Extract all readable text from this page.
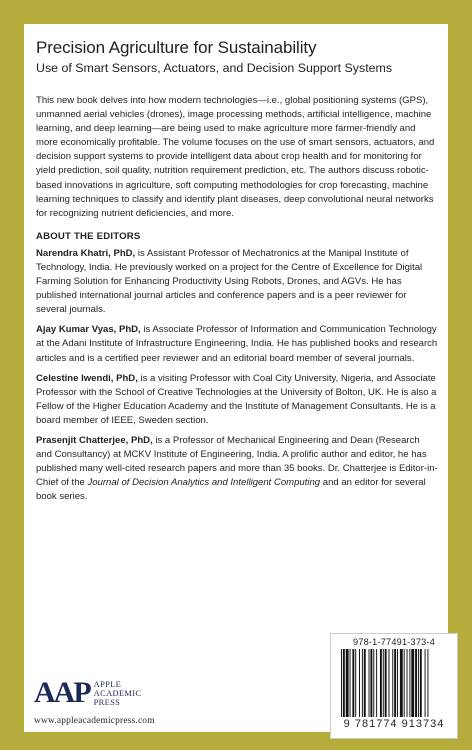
Precision Agriculture for Sustainability
Use of Smart Sensors, Actuators, and Decision Support Systems

This new book delves into how modern technologies—i.e., global positioning systems (GPS), unmanned aerial vehicles (drones), image processing methods, artificial intelligence, machine learning, and deep learning—are being used to make agriculture more farmer-friendly and more economically profitable. The volume focuses on the use of smart sensors, actuators, and decision support systems to provide intelligent data about crop health and for monitoring for yield prediction, soil quality, nutrition requirement prediction, etc. The authors discuss robotic-based innovations in agriculture, soft computing methodologies for crop forecasting, machine learning techniques to classify and identify plant diseases, deep convolutional neural networks for recognizing nutrient deficiencies, and more.

ABOUT THE EDITORS

Narendra Khatri, PhD, is Assistant Professor of Mechatronics at the Manipal Institute of Technology, India. He previously worked on a project for the Centre of Excellence for Digital Farming Solution for Enhancing Productivity Using Robots, Drones, and AGVs. He has published international journal articles and conference papers and is a peer reviewer for several journals.

Ajay Kumar Vyas, PhD, is Associate Professor of Information and Communication Technology at the Adani Institute of Infrastructure Engineering, India. He has published books and research articles and is a certified peer reviewer and an editorial board member of several journals.

Celestine Iwendi, PhD, is a visiting Professor with Coal City University, Nigeria, and Associate Professor with the School of Creative Technologies at the University of Bolton, UK. He is also a Fellow of the Higher Education Academy and the Institute of Management Consultants. He is a board member of IEEE, Sweden section.

Prasenjit Chatterjee, PhD, is a Professor of Mechanical Engineering and Dean (Research and Consultancy) at MCKV Institute of Engineering, India. A prolific author and editor, he has published many well-cited research papers and more than 35 books. Dr. Chatterjee is Editor-in-Chief of the Journal of Decision Analytics and Intelligent Computing and an editor for several book series.

AAP APPLE
ACADEMIC
PRESS
www.appleacademicpress.com
978-1-77491-373-4
9 781774 913734
